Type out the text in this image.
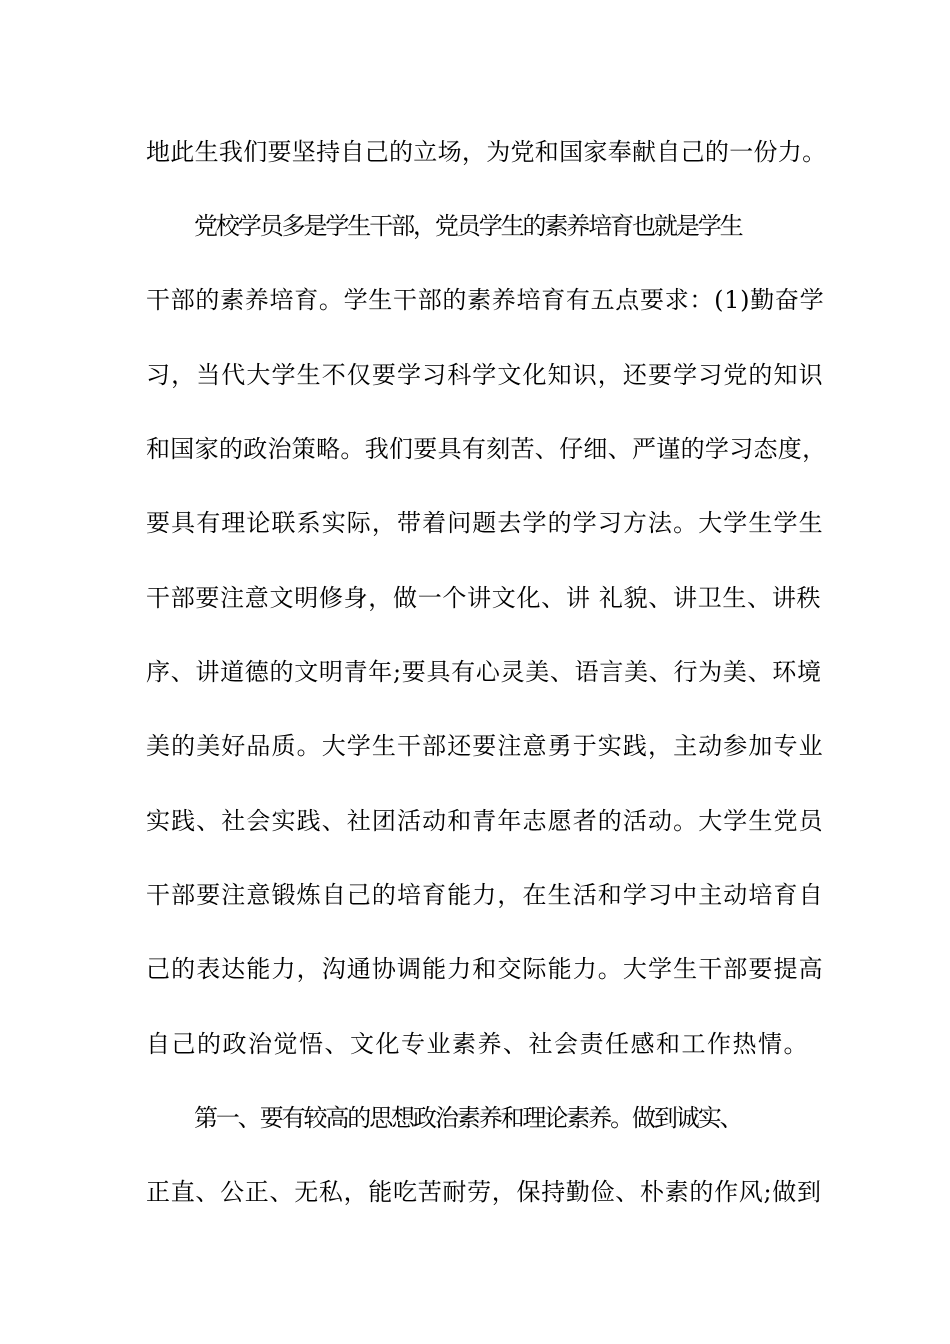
地此生我们要坚持自己的立场，为党和国家奉献自己的一份力。
党校学员多是学生干部，党员学生的素养培育也就是学生
干部的素养培育。学生干部的素养培育有五点要求：(1)勤奋学
习，当代大学生不仅要学习科学文化知识，还要学习党的知识
和国家的政治策略。我们要具有刻苦、仔细、严谨的学习态度，
要具有理论联系实际，带着问题去学的学习方法。大学生学生
干部要注意文明修身，做一个讲文化、讲 礼貌、讲卫生、讲秩
序、讲道德的文明青年;要具有心灵美、语言美、行为美、环境
美的美好品质。大学生干部还要注意勇于实践，主动参加专业
实践、社会实践、社团活动和青年志愿者的活动。大学生党员
干部要注意锻炼自己的培育能力，在生活和学习中主动培育自
己的表达能力，沟通协调能力和交际能力。大学生干部要提高
自己的政治觉悟、文化专业素养、社会责任感和工作热情。
第一、要有较高的思想政治素养和理论素养。做到诚实、
正直、公正、无私，能吃苦耐劳，保持勤俭、朴素的作风;做到
